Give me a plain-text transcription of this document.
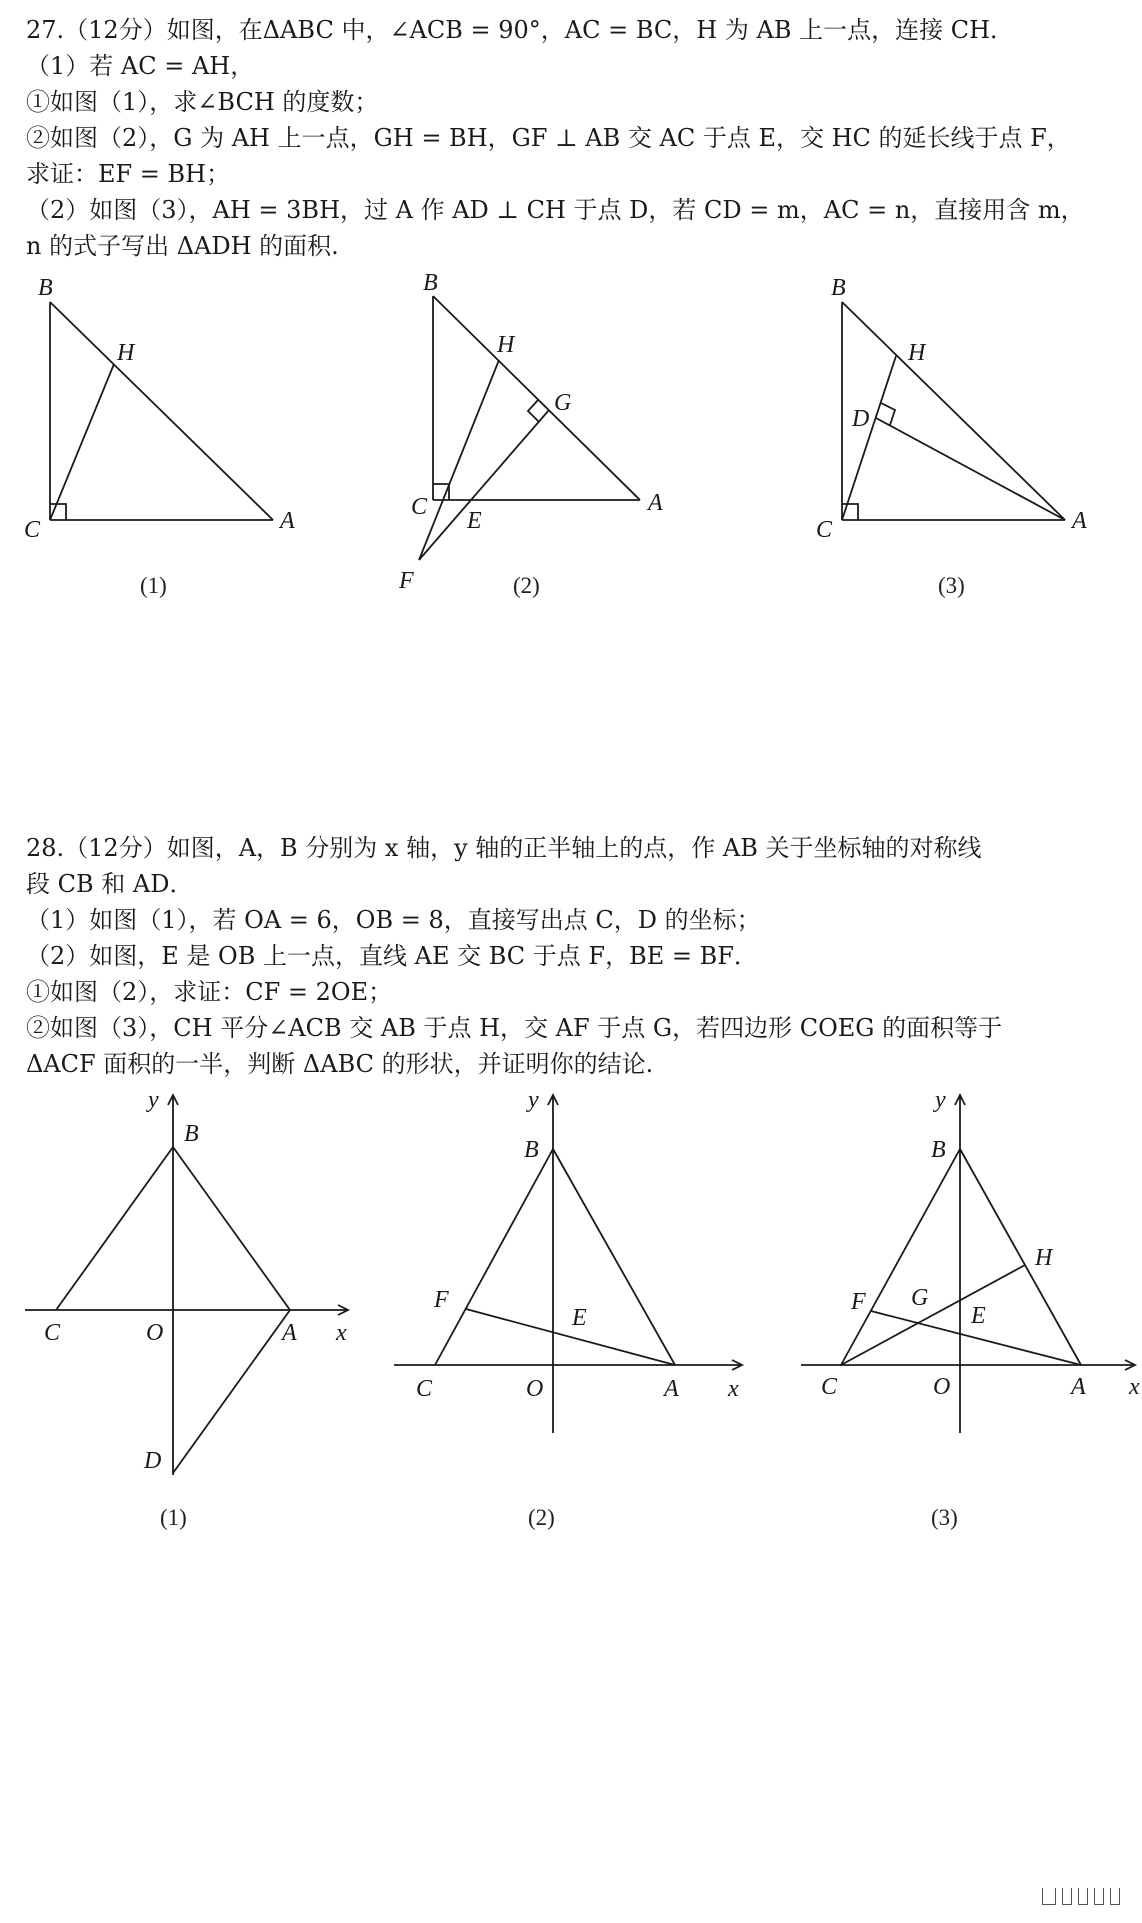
27.（12分）如图，在ΔABC 中，∠ACB = 90°，AC = BC，H 为 AB 上一点，连接 CH．
（1）若 AC = AH，
①如图（1），求∠BCH 的度数；
②如图（2），G 为 AH 上一点，GH = BH，GF ⊥ AB 交 AC 于点 E，交 HC 的延长线于点 F，
求证：EF = BH；
（2）如图（3），AH = 3BH，过 A 作 AD ⊥ CH 于点 D，若 CD = m，AC = n，直接用含 m，
n 的式子写出 ΔADH 的面积.
B
H
C	A
(1)
B
H
G
C
E
A
F	(2)
B
H
D
C	A
(3)
28.（12分）如图，A，B 分别为 x 轴，y 轴的正半轴上的点，作 AB 关于坐标轴的对称线
段 CB 和 AD．
（1）如图（1），若 OA = 6，OB = 8，直接写出点 C，D 的坐标；
（2）如图，E 是 OB 上一点，直线 AE 交 BC 于点 F，BE = BF．
①如图（2），求证：CF = 2OE；
②如图（3），CH 平分∠ACB 交 AB 于点 H，交 AF 于点 G，若四边形 COEG 的面积等于
ΔACF 面积的一半，判断 ΔABC 的形状，并证明你的结论.
y
B
C	O	A x
D
(1)
y
B
F
E
C	O	A x
(2)
y
B
H
F G
E
C	O	A x
(3)
